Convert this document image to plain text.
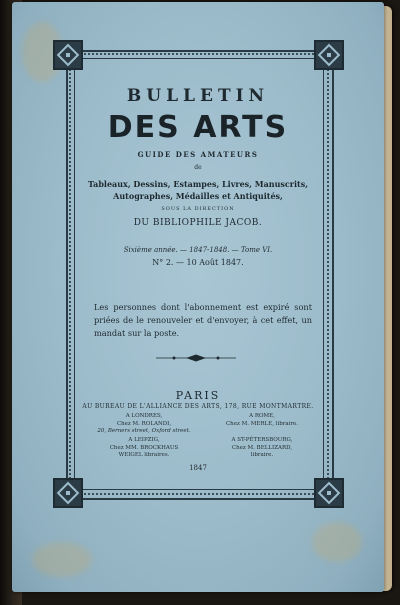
BULLETIN
DES ARTS
GUIDE DES AMATEURS
de
Tableaux, Dessins, Estampes, Livres, Manuscrits,
Autographes, Médailles et Antiquités,
SOUS LA DIRECTION
DU BIBLIOPHILE JACOB.
Sixième année. — 1847-1848. — Tome VI.
N° 2. — 10 Août 1847.
Les personnes dont l'abonnement est expiré sont priées de le renouveler et d'envoyer, à cet effet, un mandat sur la poste.
PARIS
AU BUREAU DE L'ALLIANCE DES ARTS, 178, RUE MONTMARTRE.
A LONDRES,
Chez M. ROLANDI,
20, Berners street, Oxford street.
A ROME,
Chez M. MERLE, libraire.
A LEIPZIG,
Chez MM. BROCKHAUS
WEIGEL libraires.
A ST-PÉTERSBOURG,
Chez M. BELLIZARD,
libraire.
1847
